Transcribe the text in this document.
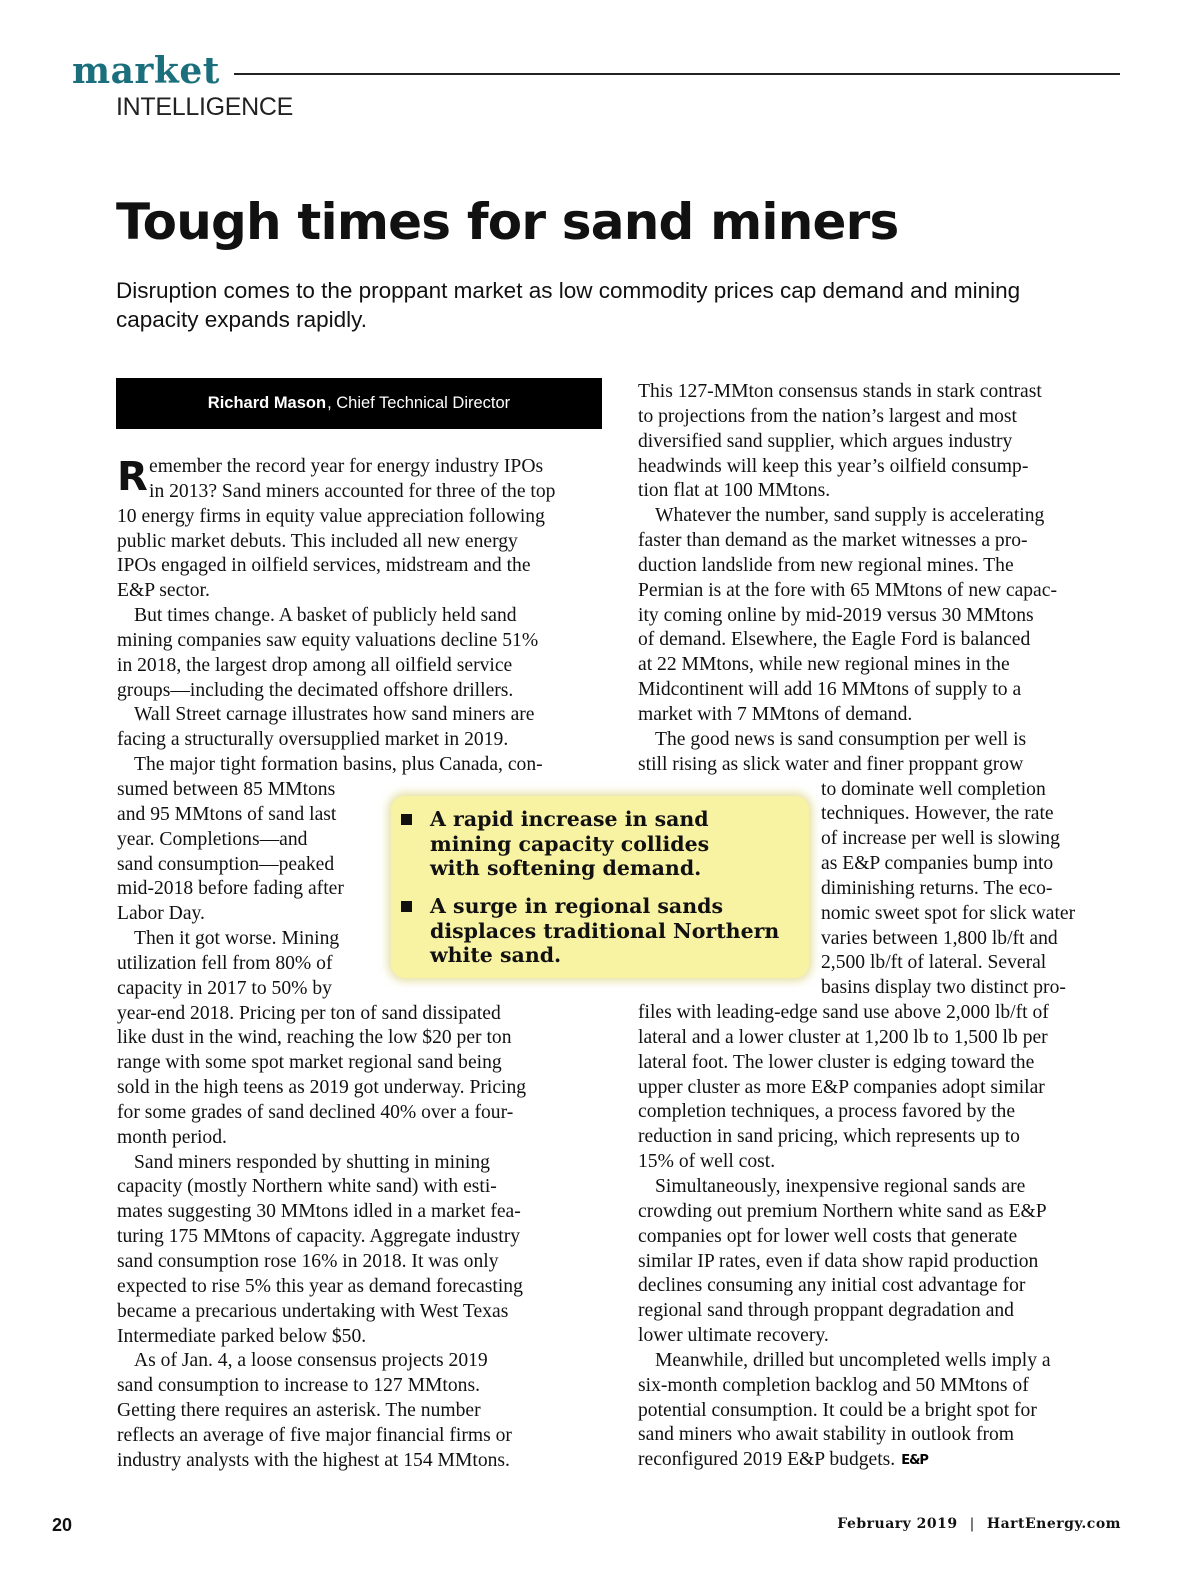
market
INTELLIGENCE
Tough times for sand miners

Disruption comes to the proppant market as low commodity prices cap demand and mining capacity expands rapidly.

Richard Mason , Chief Technical Director
R emember the record year for energy industry IPOs
in 2013? Sand miners accounted for three of the top
10 energy firms in equity value appreciation following
public market debuts. This included all new energy
IPOs engaged in oilfield services, midstream and the
E&P sector.
But times change. A basket of publicly held sand
mining companies saw equity valuations decline 51%
in 2018, the largest drop among all oilfield service
groups—including the decimated offshore drillers.
Wall Street carnage illustrates how sand miners are
facing a structurally oversupplied market in 2019.
The major tight formation basins, plus Canada, con-
sumed between 85 MMtons
and 95 MMtons of sand last
year. Completions—and
sand consumption—peaked
mid-2018 before fading after
Labor Day.
Then it got worse. Mining
utilization fell from 80% of
capacity in 2017 to 50% by
year-end 2018. Pricing per ton of sand dissipated
like dust in the wind, reaching the low $20 per ton
range with some spot market regional sand being
sold in the high teens as 2019 got underway. Pricing
for some grades of sand declined 40% over a four-
month period.
Sand miners responded by shutting in mining
capacity (mostly Northern white sand) with esti-
mates suggesting 30 MMtons idled in a market fea-
turing 175 MMtons of capacity. Aggregate industry
sand consumption rose 16% in 2018. It was only
expected to rise 5% this year as demand forecasting
became a precarious undertaking with West Texas
Intermediate parked below $50.
As of Jan. 4, a loose consensus projects 2019
sand consumption to increase to 127 MMtons.
Getting there requires an asterisk. The number
reflects an average of five major financial firms or
industry analysts with the highest at 154 MMtons.
This 127-MMton consensus stands in stark contrast
to projections from the nation’s largest and most
diversified sand supplier, which argues industry
headwinds will keep this year’s oilfield consump-
tion flat at 100 MMtons.
Whatever the number, sand supply is accelerating
faster than demand as the market witnesses a pro-
duction landslide from new regional mines. The
Permian is at the fore with 65 MMtons of new capac-
ity coming online by mid-2019 versus 30 MMtons
of demand. Elsewhere, the Eagle Ford is balanced
at 22 MMtons, while new regional mines in the
Midcontinent will add 16 MMtons of supply to a
market with 7 MMtons of demand.
The good news is sand consumption per well is
still rising as slick water and finer proppant grow
to dominate well completion
techniques. However, the rate
of increase per well is slowing
as E&P companies bump into
diminishing returns. The eco-
nomic sweet spot for slick water
varies between 1,800 lb/ft and
2,500 lb/ft of lateral. Several
basins display two distinct pro-
files with leading-edge sand use above 2,000 lb/ft of
lateral and a lower cluster at 1,200 lb to 1,500 lb per
lateral foot. The lower cluster is edging toward the
upper cluster as more E&P companies adopt similar
completion techniques, a process favored by the
reduction in sand pricing, which represents up to
15% of well cost.
Simultaneously, inexpensive regional sands are
crowding out premium Northern white sand as E&P
companies opt for lower well costs that generate
similar IP rates, even if data show rapid production
declines consuming any initial cost advantage for
regional sand through proppant degradation and
lower ultimate recovery.
Meanwhile, drilled but uncompleted wells imply a
six-month completion backlog and 50 MMtons of
potential consumption. It could be a bright spot for
sand miners who await stability in outlook from
reconfigured 2019 E&P budgets. E&P
A rapid increase in sand
mining capacity collides
with softening demand.
A surge in regional sands
displaces traditional Northern
white sand.
20	February 2019 | HartEnergy.com
